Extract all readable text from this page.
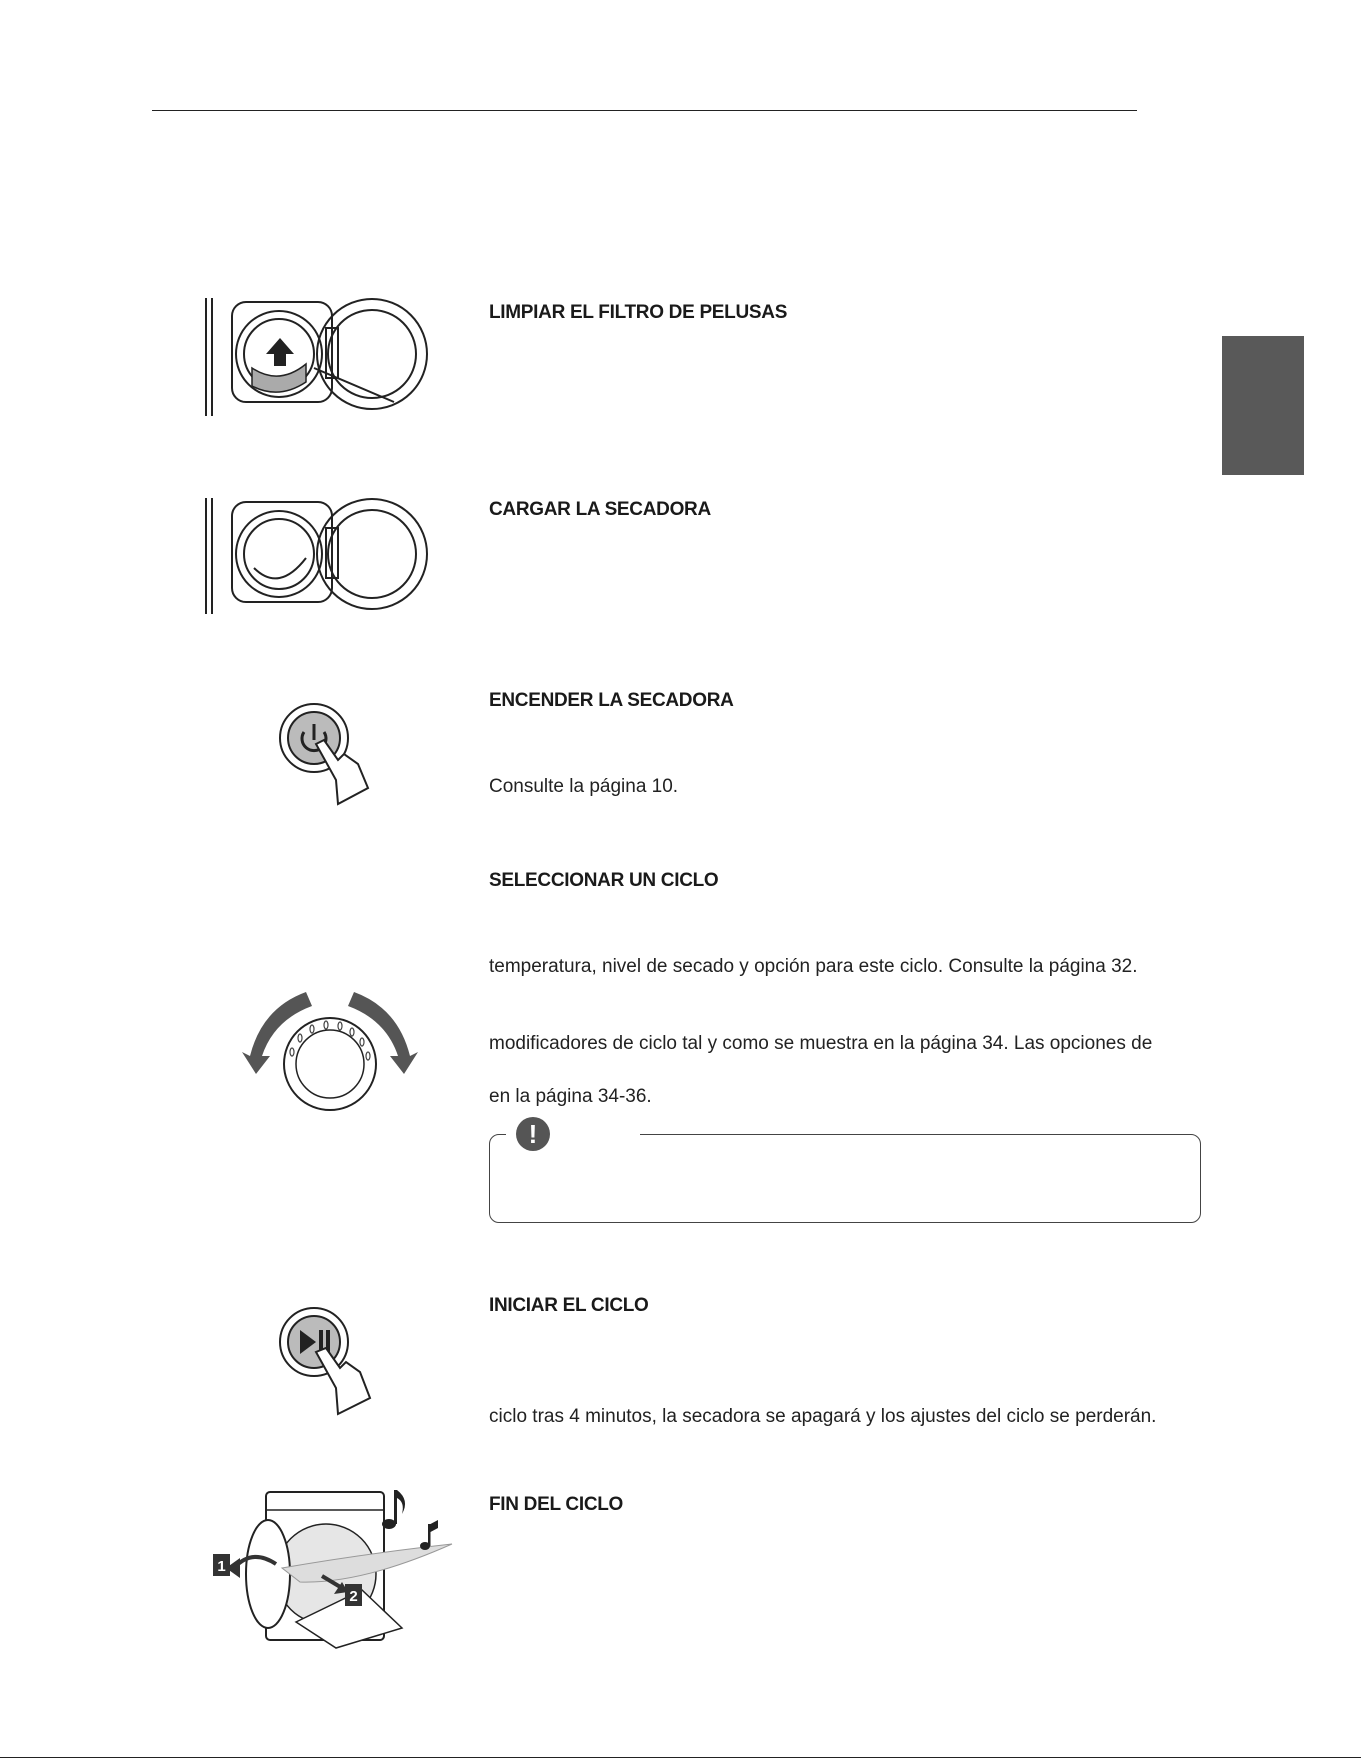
1
2
LIMPIAR EL FILTRO DE PELUSAS
CARGAR LA SECADORA
ENCENDER LA SECADORA

Consulte la página 10.

SELECCIONAR UN CICLO

temperatura, nivel de secado y opción para este ciclo. Consulte la página 32.

modificadores de ciclo tal y como se muestra en la página 34. Las opciones de

en la página 34-36.

!
INICIAR EL CICLO

ciclo tras 4 minutos, la secadora se apagará y los ajustes del ciclo se perderán.

FIN DEL CICLO
